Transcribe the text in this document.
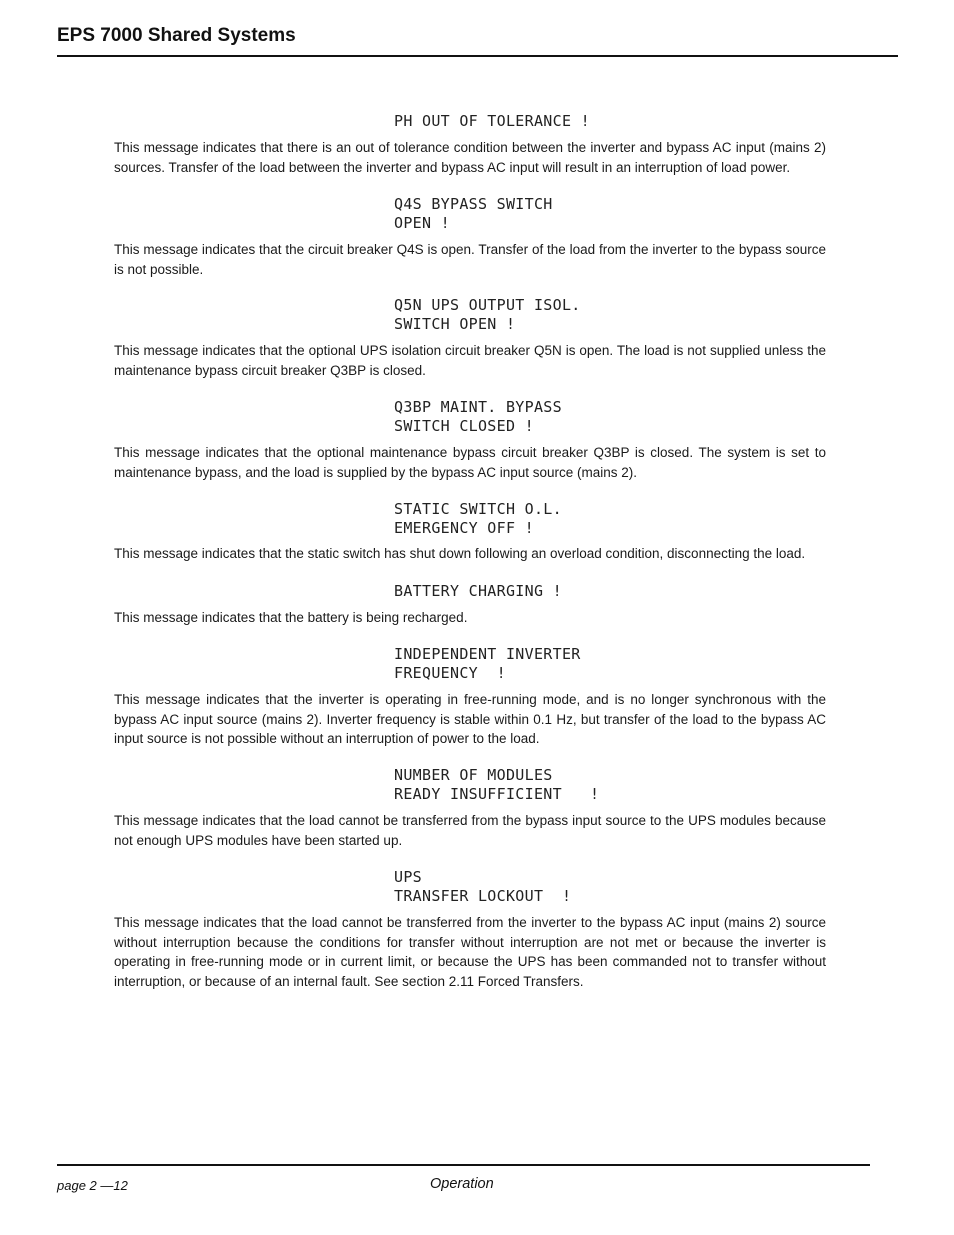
EPS 7000 Shared Systems
PH OUT OF TOLERANCE !

This message indicates that there is an out of tolerance condition between the inverter and bypass AC input (mains 2) sources. Transfer of the load between the inverter and bypass AC input will result in an interruption of load power.

Q4S BYPASS SWITCH
OPEN !

This message indicates that the circuit breaker Q4S is open. Transfer of the load from the inverter to the bypass source is not possible.

Q5N UPS OUTPUT ISOL.
SWITCH OPEN !

This message indicates that the optional UPS isolation circuit breaker Q5N is open. The load is not supplied unless the maintenance bypass circuit breaker Q3BP is closed.

Q3BP MAINT. BYPASS
SWITCH CLOSED !

This message indicates that the optional maintenance bypass circuit breaker Q3BP is closed. The system is set to maintenance bypass, and the load is supplied by the bypass AC input source (mains 2).

STATIC SWITCH O.L.
EMERGENCY OFF !

This message indicates that the static switch has shut down following an overload condition, disconnecting the load.

BATTERY CHARGING !

This message indicates that the battery is being recharged.

INDEPENDENT INVERTER
FREQUENCY  !

This message indicates that the inverter is operating in free-running mode, and is no longer synchronous with the bypass AC input source (mains 2). Inverter frequency is stable within 0.1 Hz, but transfer of the load to the bypass AC input source is not possible without an interruption of power to the load.

NUMBER OF MODULES
READY INSUFFICIENT   !

This message indicates that the load cannot be transferred from the bypass input source to the UPS modules because not enough UPS modules have been started up.

UPS
TRANSFER LOCKOUT  !

This message indicates that the load cannot be transferred from the inverter to the bypass AC input (mains 2) source without interruption because the conditions for transfer without interruption are not met or because the inverter is operating in free-running mode or in current limit, or because the UPS has been commanded not to transfer without interruption, or because of an internal fault. See section 2.11 Forced Transfers.

page 2 —12	Operation
